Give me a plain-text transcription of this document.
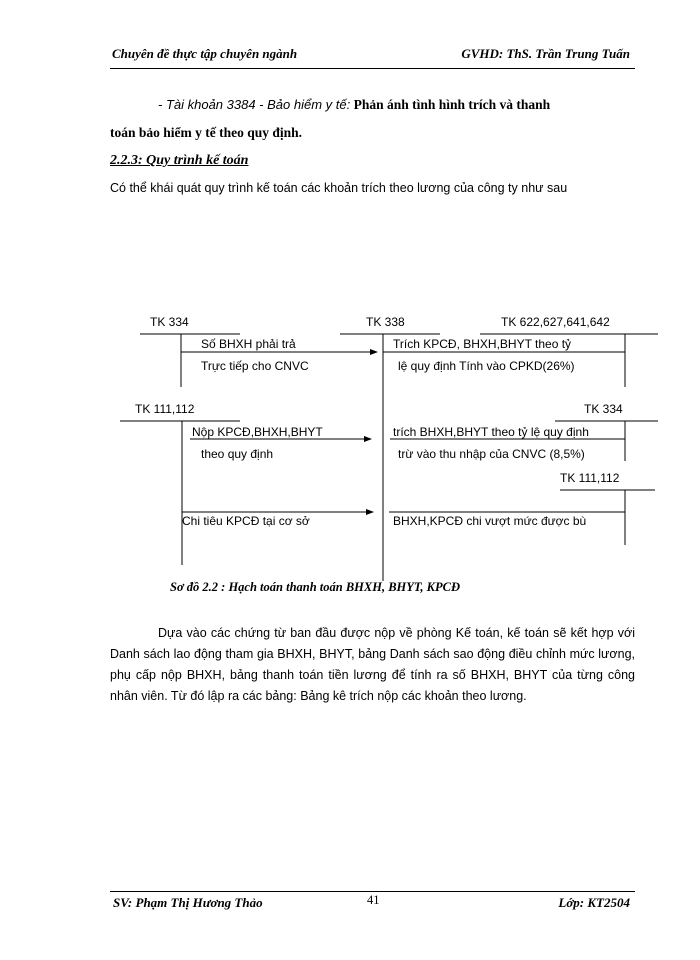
Chuyên đề thực tập chuyên ngành	GVHD: ThS. Trần Trung Tuấn
- Tài khoản 3384 - Bảo hiểm y tế: Phản ánh tình hình trích và thanh
toán bảo hiểm y tế theo quy định.
2.2.3: Quy trình kế toán
Có thể khái quát quy trình kế toán các khoản trích theo lương của công ty như sau
TK 334	TK 338	TK 622,627,641,642
TK 111,112	TK 334
TK 111,112
Số BHXH phải trả
Trực tiếp cho CNVC
Trích KPCĐ, BHXH,BHYT theo tỷ
lệ quy định Tính vào CPKD(26%)
Nộp KPCĐ,BHXH,BHYT
theo quy định
trích BHXH,BHYT theo tỷ lệ quy định
trừ vào thu nhập của CNVC (8,5%)
Chi tiêu KPCĐ tại cơ sở	BHXH,KPCĐ chi vượt mức được bù
Sơ đồ 2.2 : Hạch toán thanh toán BHXH, BHYT, KPCĐ
Dựa vào các chứng từ ban đầu được nộp về phòng Kế toán, kế toán sẽ kết hợp với Danh sách lao động tham gia BHXH, BHYT, bảng Danh sách sao động điều chỉnh mức lương, phụ cấp nộp BHXH, bảng thanh toán tiền lương để tính ra số BHXH, BHYT của từng công nhân viên. Từ đó lập ra các bảng: Bảng kê trích nộp các khoản theo lương.
SV: Phạm Thị Hương Thảo	41	Lớp: KT2504
